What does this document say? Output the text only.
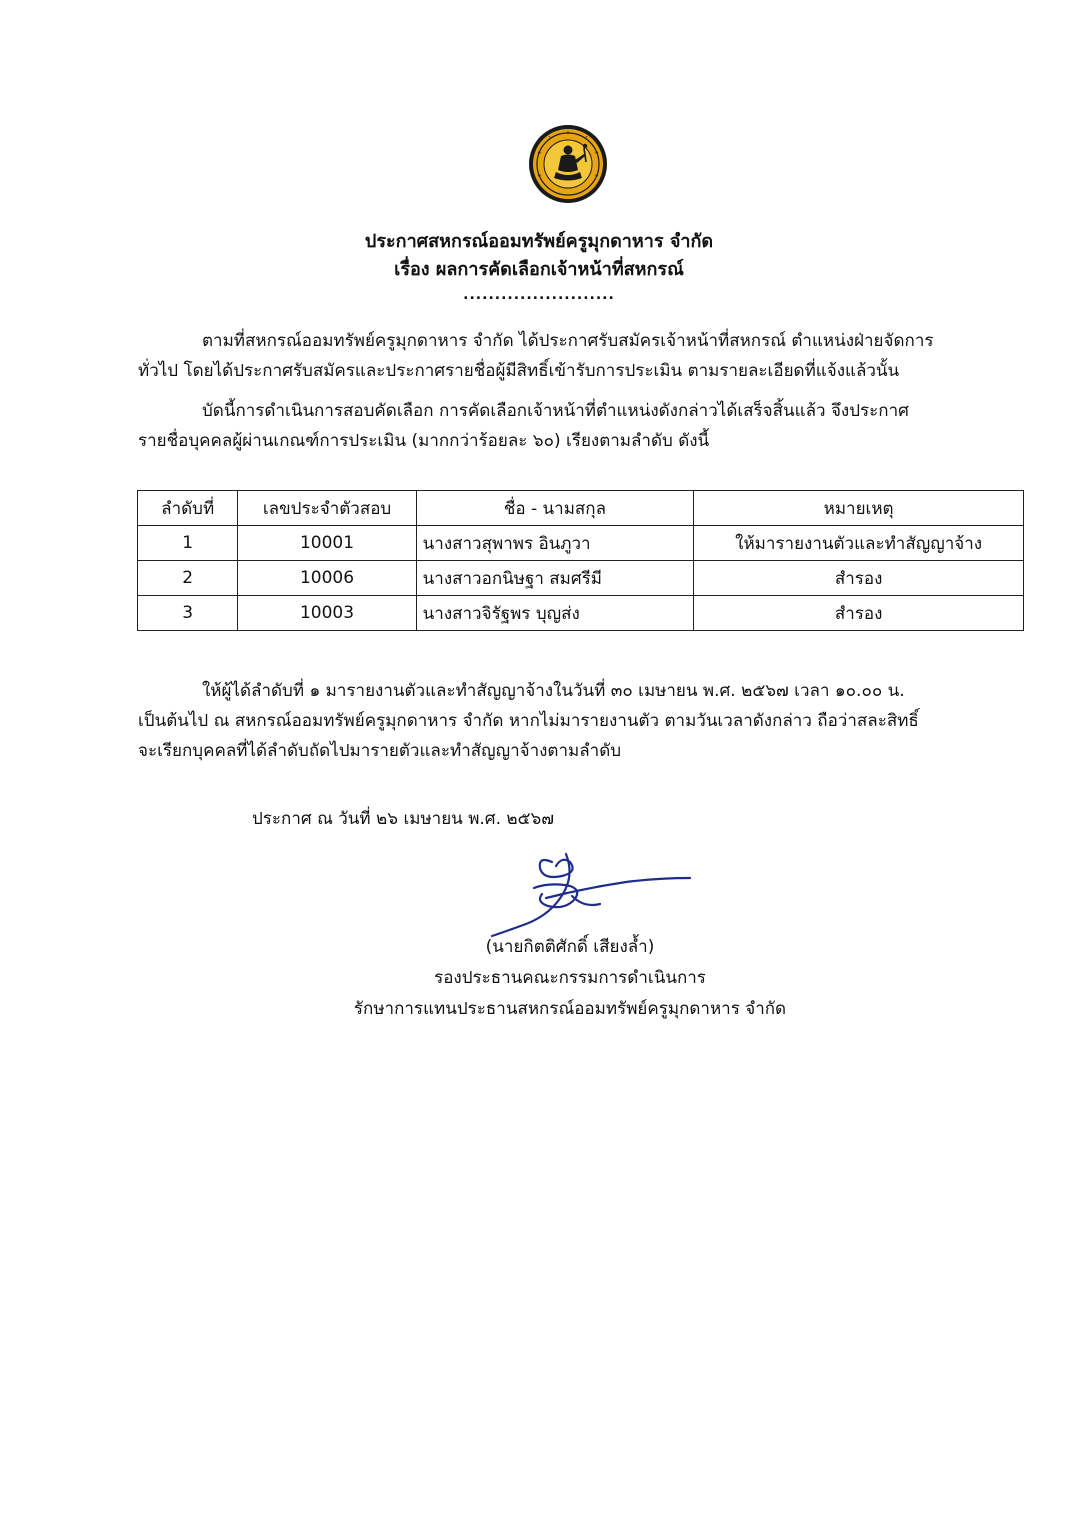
ประกาศสหกรณ์ออมทรัพย์ครูมุกดาหาร จำกัด
เรื่อง ผลการคัดเลือกเจ้าหน้าที่สหกรณ์
........................
ตามที่สหกรณ์ออมทรัพย์ครูมุกดาหาร จำกัด ได้ประกาศรับสมัครเจ้าหน้าที่สหกรณ์ ตำแหน่งฝ่ายจัดการ
ทั่วไป โดยได้ประกาศรับสมัครและประกาศรายชื่อผู้มีสิทธิ์เข้ารับการประเมิน ตามรายละเอียดที่แจ้งแล้วนั้น
บัดนี้การดำเนินการสอบคัดเลือก การคัดเลือกเจ้าหน้าที่ตำแหน่งดังกล่าวได้เสร็จสิ้นแล้ว จึงประกาศ
รายชื่อบุคคลผู้ผ่านเกณฑ์การประเมิน (มากกว่าร้อยละ ๖๐) เรียงตามลำดับ ดังนี้
ลำดับที่	เลขประจำตัวสอบ	ชื่อ - นามสกุล	หมายเหตุ
1	10001	นางสาวสุพาพร อินภูวา	ให้มารายงานตัวและทำสัญญาจ้าง
2	10006	นางสาวอกนิษฐา สมศรีมี	สำรอง
3	10003	นางสาวจิรัฐพร บุญส่ง	สำรอง
ให้ผู้ได้ลำดับที่ ๑ มารายงานตัวและทำสัญญาจ้างในวันที่ ๓๐ เมษายน พ.ศ. ๒๕๖๗ เวลา ๑๐.๐๐ น.
เป็นต้นไป ณ สหกรณ์ออมทรัพย์ครูมุกดาหาร จำกัด หากไม่มารายงานตัว ตามวันเวลาดังกล่าว ถือว่าสละสิทธิ์
จะเรียกบุคคลที่ได้ลำดับถัดไปมารายตัวและทำสัญญาจ้างตามลำดับ
ประกาศ ณ วันที่ ๒๖ เมษายน พ.ศ. ๒๕๖๗
(นายกิตติศักดิ์ เสียงล้ำ)
รองประธานคณะกรรมการดำเนินการ
รักษาการแทนประธานสหกรณ์ออมทรัพย์ครูมุกดาหาร จำกัด
